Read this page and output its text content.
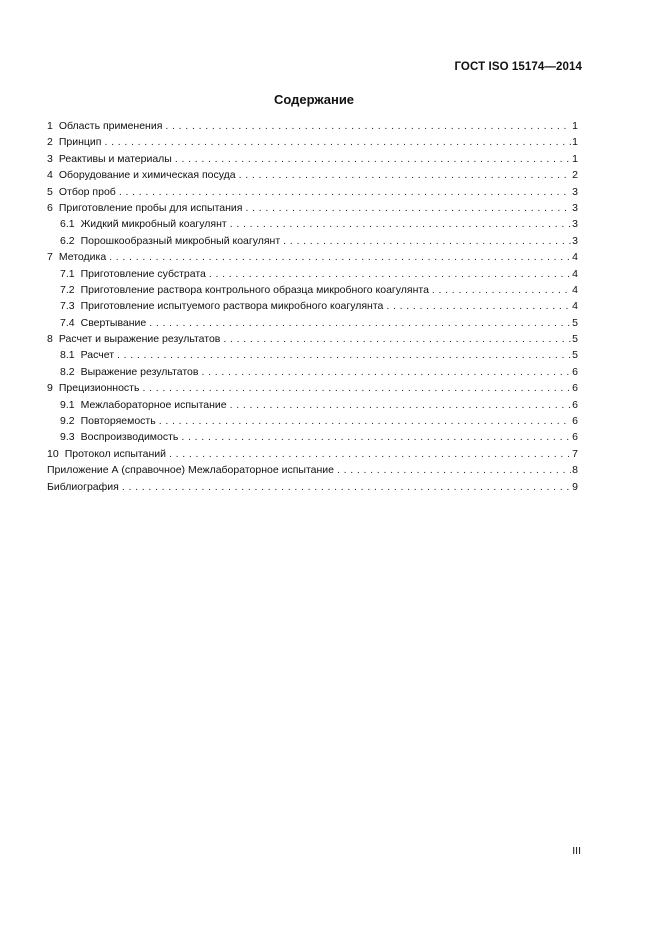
ГОСТ ISO 15174—2014
Содержание
1 Область применения . . .	1
2 Принцип . . .	1
3 Реактивы и материалы . . .	1
4 Оборудование и химическая посуда . . .	2
5 Отбор проб . . .	3
6 Приготовление пробы для испытания . . .	3
6.1 Жидкий микробный коагулянт . . .	3
6.2 Порошкообразный микробный коагулянт . . .	3
7 Методика . . .	4
7.1 Приготовление субстрата . . .	4
7.2 Приготовление раствора контрольного образца микробного коагулянта . . .	4
7.3 Приготовление испытуемого раствора микробного коагулянта . . .	4
7.4 Свертывание . . .	5
8 Расчет и выражение результатов . . .	5
8.1 Расчет . . .	5
8.2 Выражение результатов . . .	6
9 Прецизионность . . .	6
9.1 Межлабораторное испытание . . .	6
9.2 Повторяемость . . .	6
9.3 Воспроизводимость . . .	6
10 Протокол испытаний . . .	7
Приложение А (справочное) Межлабораторное испытание . . .	8
Библиография . . .	9
III
